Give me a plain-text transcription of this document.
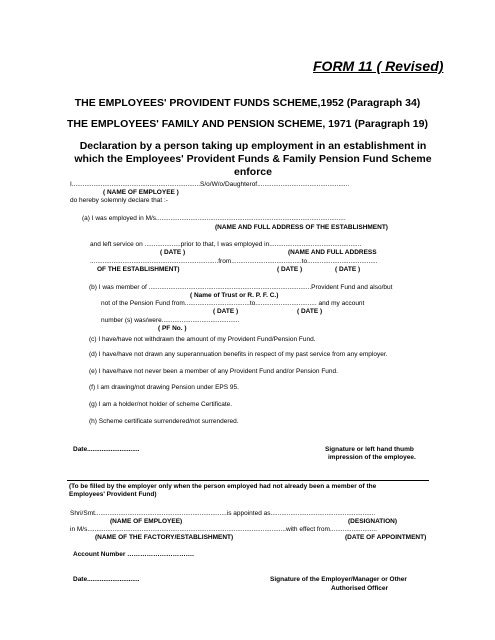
FORM 11 ( Revised)
THE EMPLOYEES' PROVIDENT FUNDS SCHEME,1952 (Paragraph 34)
THE EMPLOYEES' FAMILY AND PENSION SCHEME, 1971 (Paragraph 19)
Declaration by a person taking up employment in an establishment in which the Employees' Provident Funds & Family Pension Fund Scheme enforce
I.......................................................................S/o/W/o/Daughterof...................................................
( NAME OF EMPLOYEE )
do hereby solemnly declare that :-
(a) I was employed in M/s.........................................................................................................
(NAME AND FULL ADDRESS OF THE ESTABLISHMENT)
and left service on ....................prior to that, I was employed in...................................................
( DATE )	(NAME AND FULL ADDRESS
.......................................................................from.......................................to.......................................
OF THE ESTABLISHMENT)	( DATE )	( DATE )
(b) I was member of ..........................................................................................Provident Fund and also/but
( Name of Trust or R. P. F. C.)
not of the Pension Fund from....................................to.................................. and my account
( DATE )	( DATE )
number (s) was/were...........................................
( PF No. )
(c) I have/have not withdrawn the amount of my Provident Fund/Pension Fund.
(d) I have/have not drawn any superannuation benefits in respect of my past service from any employer.
(e) I have/have not never been a member of any Provident Fund and/or Pension Fund.
(f) I am drawing/not drawing Pension under EPS 95.
(g) I am a holder/not holder of scheme Certificate.
(h) Scheme certificate surrendered/not surrendered.
Date.............................	Signature or left hand thumb
impression of the employee.
(To be filled by the employer only when the person employed had not already been a member of the
Employees' Provident Fund)
Shri/Smt.........................................................................is appointed as..........................................................
(NAME OF EMPLOYEE)	(DESIGNATION)
in M/s..............................................................................................................with effect from..........................
(NAME OF THE FACTORY/ESTABLISHMENT)	(DATE OF APPOINTMENT)
Account Number ………………………….
Date.............................	Signature of the Employer/Manager or Other
Authorised Officer
